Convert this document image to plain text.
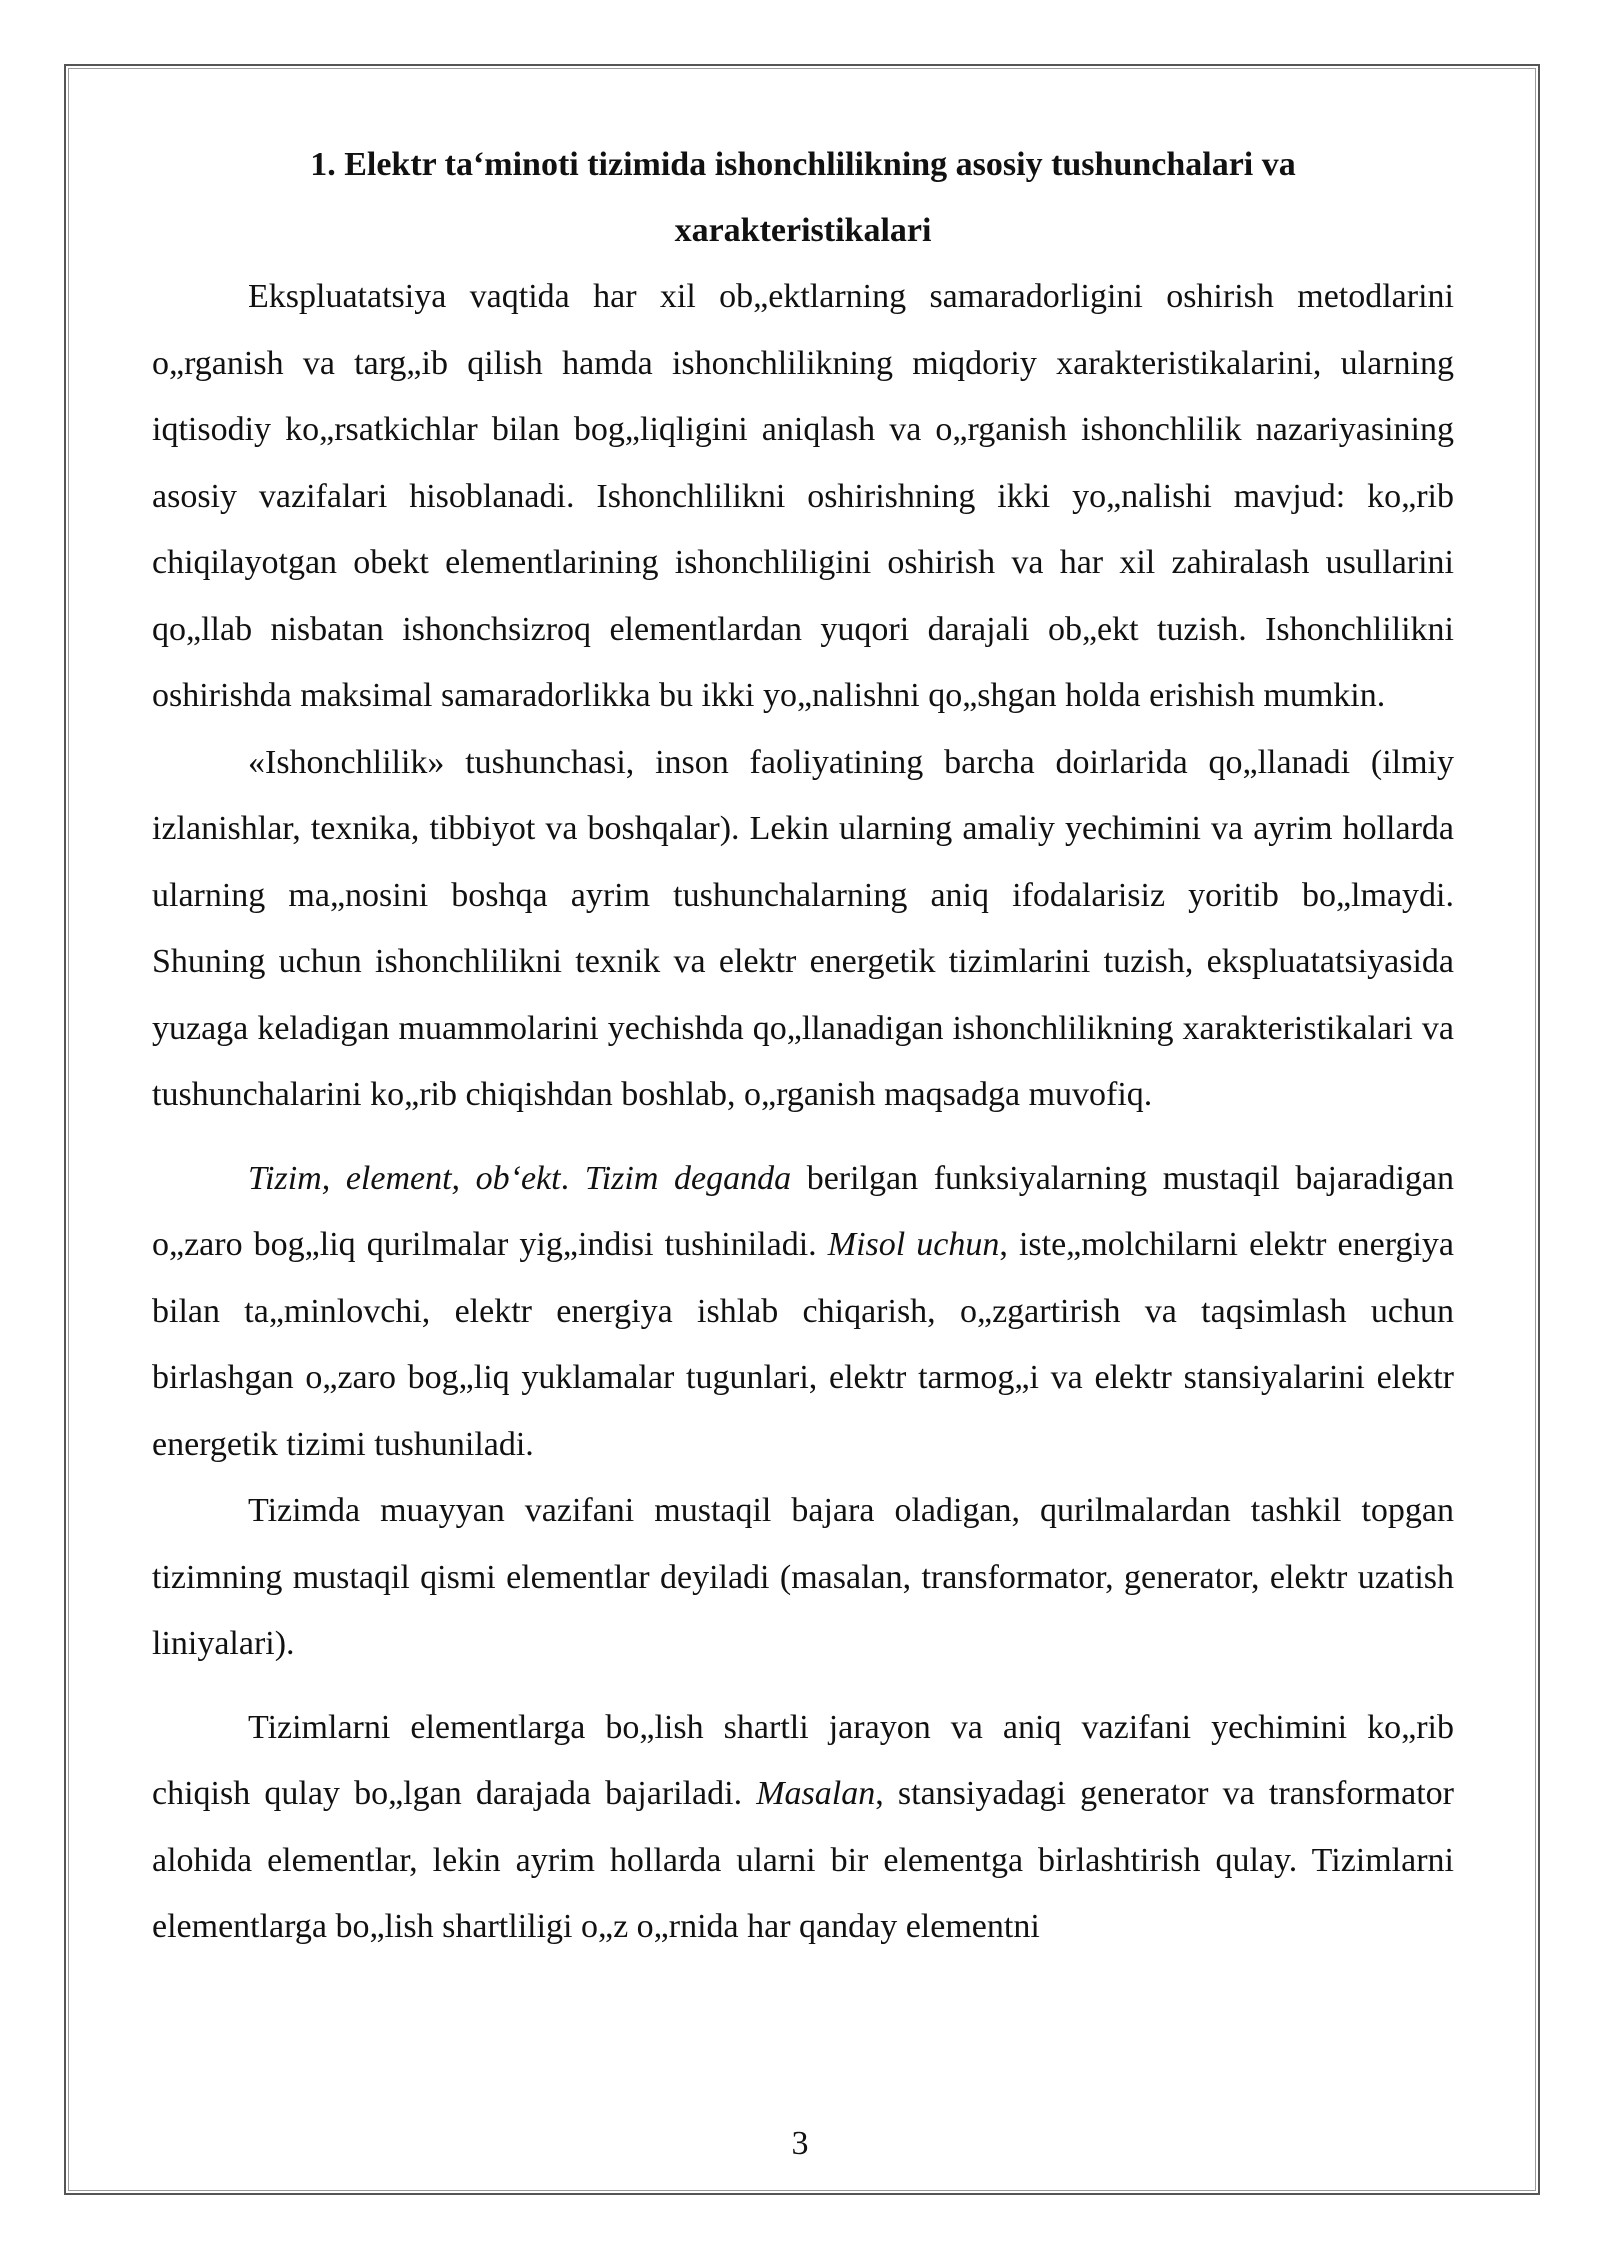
1. Elektr ta‘minoti tizimida ishonchlilikning asosiy tushunchalari va
xarakteristikalari

Ekspluatatsiya vaqtida har xil ob„ektlarning samaradorligini oshirish metodlarini o„rganish va targ„ib qilish hamda ishonchlilikning miqdoriy xarakteristikalarini, ularning iqtisodiy ko„rsatkichlar bilan bog„liqligini aniqlash va o„rganish ishonchlilik nazariyasining asosiy vazifalari hisoblanadi. Ishonchlilikni oshirishning ikki yo„nalishi mavjud: ko„rib chiqilayotgan obekt elementlarining ishonchliligini oshirish va har xil zahiralash usullarini qo„llab nisbatan ishonchsizroq elementlardan yuqori darajali ob„ekt tuzish. Ishonchlilikni oshirishda maksimal samaradorlikka bu ikki yo„nalishni qo„shgan holda erishish mumkin.

«Ishonchlilik» tushunchasi, inson faoliyatining barcha doirlarida qo„llanadi (ilmiy izlanishlar, texnika, tibbiyot va boshqalar). Lekin ularning amaliy yechimini va ayrim hollarda ularning ma„nosini boshqa ayrim tushunchalarning aniq ifodalarisiz yoritib bo„lmaydi. Shuning uchun ishonchlilikni texnik va elektr energetik tizimlarini tuzish, ekspluatatsiyasida yuzaga keladigan muammolarini yechishda qo„llanadigan ishonchlilikning xarakteristikalari va tushunchalarini ko„rib chiqishdan boshlab, o„rganish maqsadga muvofiq.

Tizim, element, ob‘ekt. Tizim deganda berilgan funksiyalarning mustaqil bajaradigan o„zaro bog„liq qurilmalar yig„indisi tushiniladi. Misol uchun, iste„molchilarni elektr energiya bilan ta„minlovchi, elektr energiya ishlab chiqarish, o„zgartirish va taqsimlash uchun birlashgan o„zaro bog„liq yuklamalar tugunlari, elektr tarmog„i va elektr stansiyalarini elektr energetik tizimi tushuniladi.

Tizimda muayyan vazifani mustaqil bajara oladigan, qurilmalardan tashkil topgan tizimning mustaqil qismi elementlar deyiladi (masalan, transformator, generator, elektr uzatish liniyalari).

Tizimlarni elementlarga bo„lish shartli jarayon va aniq vazifani yechimini ko„rib chiqish qulay bo„lgan darajada bajariladi. Masalan, stansiyadagi generator va transformator alohida elementlar, lekin ayrim hollarda ularni bir elementga birlashtirish qulay. Tizimlarni elementlarga bo„lish shartliligi o„z o„rnida har qanday elementni

3
